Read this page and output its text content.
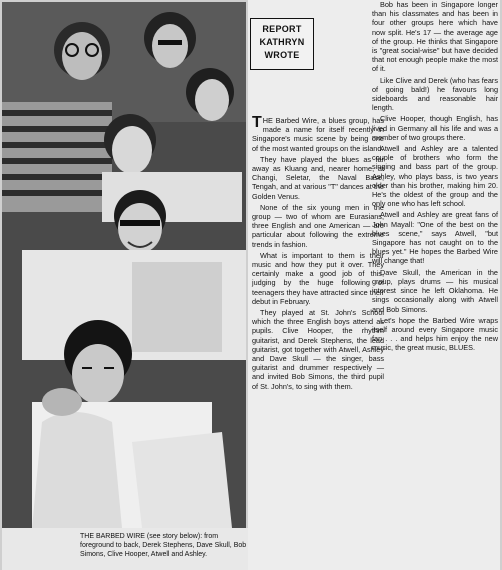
THE BARBED WIRE (see story below): from foreground to back, Derek Stephens, Dave Skull, Bob Simons, Clive Hooper, Atwell and Ashley.
REPORT
KATHRYN
WROTE

THE Barbed Wire, a blues group, has made a name for itself recently in Singapore's music scene by being one of the most wanted groups on the island.

They have played the blues as far away as Kluang and, nearer home, at Changi, Seletar, the Naval Base, Tengah, and at various "T" dances at the Golden Venus.

None of the six young men in the group — two of whom are Eurasians, three English and one American — are particular about following the extreme trends in fashion.

What is important to them is their music and how they put it over. They certainly make a good job of this, judging by the huge following of teenagers they have attracted since their debut in February.

They played at St. John's School which the three English boys attend as pupils. Clive Hooper, the rhythm guitarist, and Derek Stephens, the lead guitarist, got together with Atwell, Ashley and Dave Skull — the singer, bass guitarist and drummer respectively — and invited Bob Simons, the third pupil of St. John's, to sing with them.

Bob has been in Singapore longer than his classmates and has been in four other groups here which have now split. He's 17 — the average age of the group. He thinks that Singapore is "great social-wise" but have decided that not enough people make the most of it.

Like Clive and Derek (who has fears of going bald!) he favours long sideboards and reasonable hair length.

Clive Hooper, though English, has lived in Germany all his life and was a member of two groups there.

Atwell and Ashley are a talented couple of brothers who form the singing and bass part of the group. Ashley, who plays bass, is two years older than his brother, making him 20. He's the oldest of the group and the only one who has left school.

Atwell and Ashley are great fans of John Mayall: "One of the best on the blues scene," says Atwell, "but Singapore has not caught on to the blues yet." He hopes the Barbed Wire will change that!

Dave Skull, the American in the group, plays drums — his musical interest since he left Oklahoma. He sings occasionally along with Atwell and Bob Simons.

Let's hope the Barbed Wire wraps itself around every Singapore music fan . . . and helps him enjoy the new music, the great music, BLUES.
